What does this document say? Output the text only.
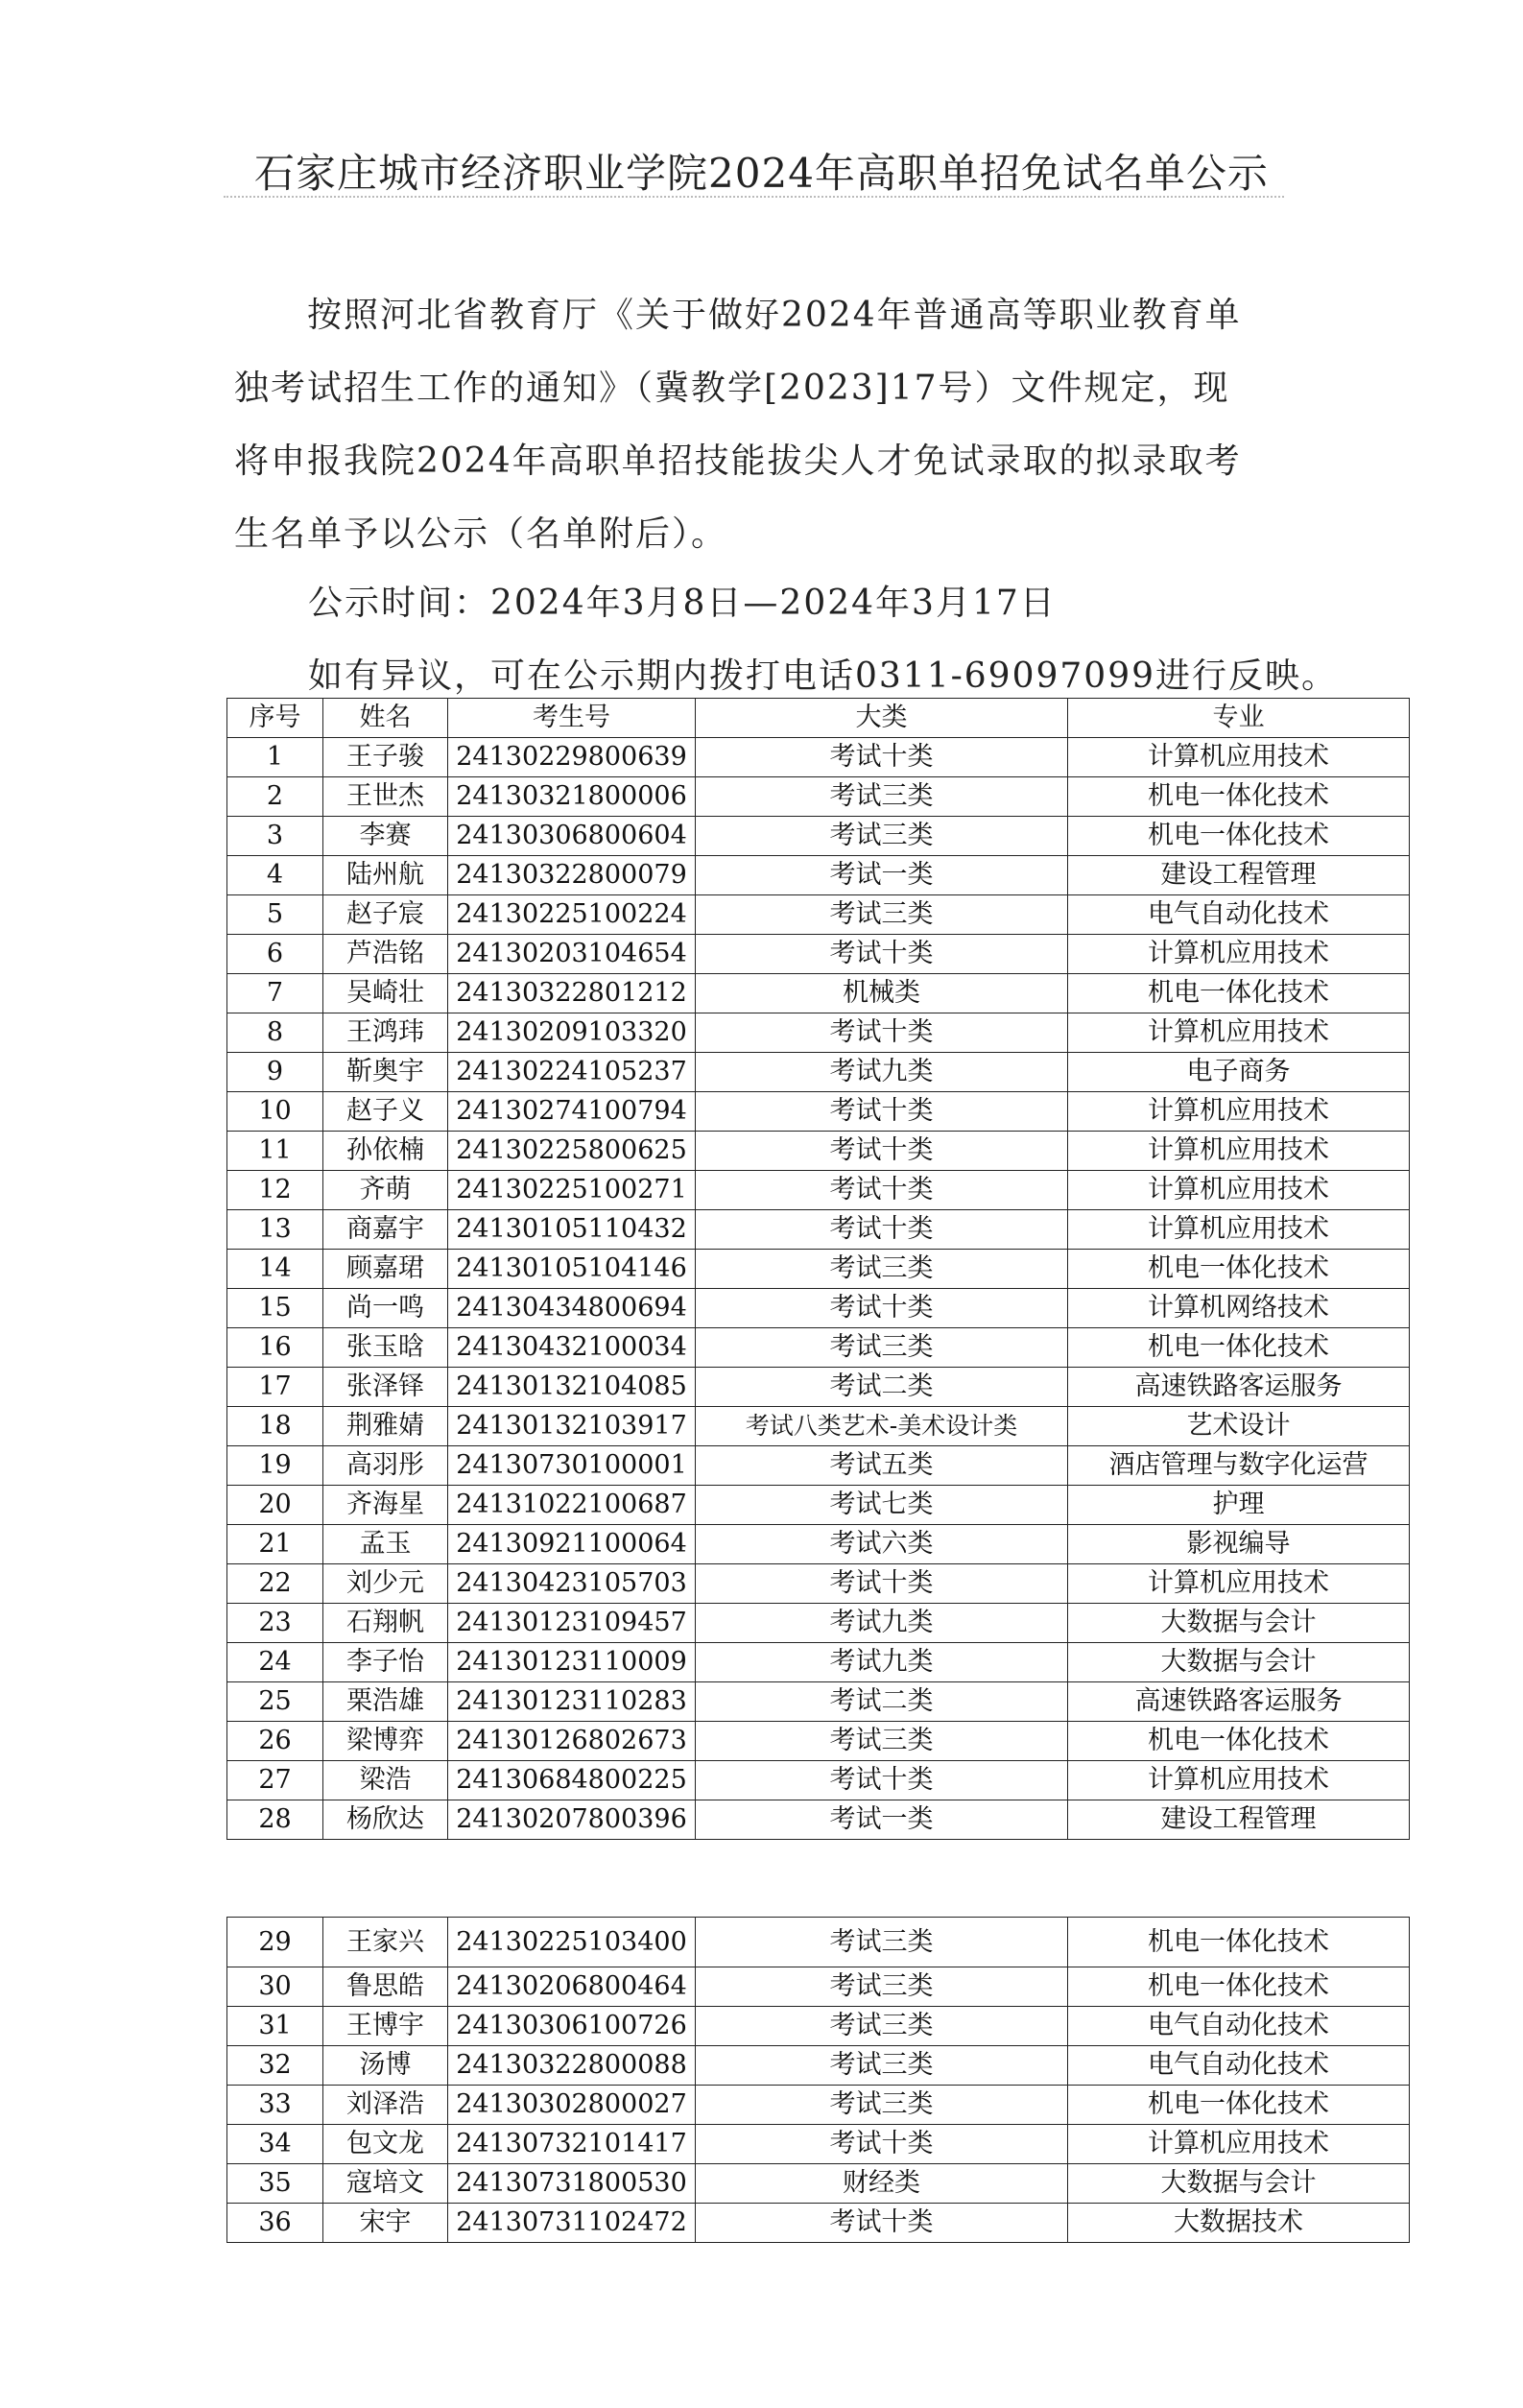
石家庄城市经济职业学院2024年高职单招免试名单公示
　　按照河北省教育厅《关于做好2024年普通高等职业教育单
独考试招生工作的通知》（冀教学[2023]17号）文件规定，现
将申报我院2024年高职单招技能拔尖人才免试录取的拟录取考
生名单予以公示（名单附后）。
公示时间：2024年3月8日—2024年3月17日
如有异议，可在公示期内拨打电话0311-69097099进行反映。
序号	姓名	考生号	大类	专业
1	王子骏	24130229800639	考试十类	计算机应用技术
2	王世杰	24130321800006	考试三类	机电一体化技术
3	李赛	24130306800604	考试三类	机电一体化技术
4	陆州航	24130322800079	考试一类	建设工程管理
5	赵子宸	24130225100224	考试三类	电气自动化技术
6	芦浩铭	24130203104654	考试十类	计算机应用技术
7	吴崎壮	24130322801212	机械类	机电一体化技术
8	王鸿玮	24130209103320	考试十类	计算机应用技术
9	靳奥宇	24130224105237	考试九类	电子商务
10	赵子义	24130274100794	考试十类	计算机应用技术
11	孙依楠	24130225800625	考试十类	计算机应用技术
12	齐萌	24130225100271	考试十类	计算机应用技术
13	商嘉宇	24130105110432	考试十类	计算机应用技术
14	顾嘉珺	24130105104146	考试三类	机电一体化技术
15	尚一鸣	24130434800694	考试十类	计算机网络技术
16	张玉晗	24130432100034	考试三类	机电一体化技术
17	张泽铎	24130132104085	考试二类	高速铁路客运服务
18	荆雅婧	24130132103917	考试八类艺术-美术设计类	艺术设计
19	高羽彤	24130730100001	考试五类	酒店管理与数字化运营
20	齐海星	24131022100687	考试七类	护理
21	孟玉	24130921100064	考试六类	影视编导
22	刘少元	24130423105703	考试十类	计算机应用技术
23	石翔帆	24130123109457	考试九类	大数据与会计
24	李子怡	24130123110009	考试九类	大数据与会计
25	栗浩雄	24130123110283	考试二类	高速铁路客运服务
26	梁博弈	24130126802673	考试三类	机电一体化技术
27	梁浩	24130684800225	考试十类	计算机应用技术
28	杨欣达	24130207800396	考试一类	建设工程管理
29	王家兴	24130225103400	考试三类	机电一体化技术
30	鲁思皓	24130206800464	考试三类	机电一体化技术
31	王博宇	24130306100726	考试三类	电气自动化技术
32	汤博	24130322800088	考试三类	电气自动化技术
33	刘泽浩	24130302800027	考试三类	机电一体化技术
34	包文龙	24130732101417	考试十类	计算机应用技术
35	寇培文	24130731800530	财经类	大数据与会计
36	宋宇	24130731102472	考试十类	大数据技术
